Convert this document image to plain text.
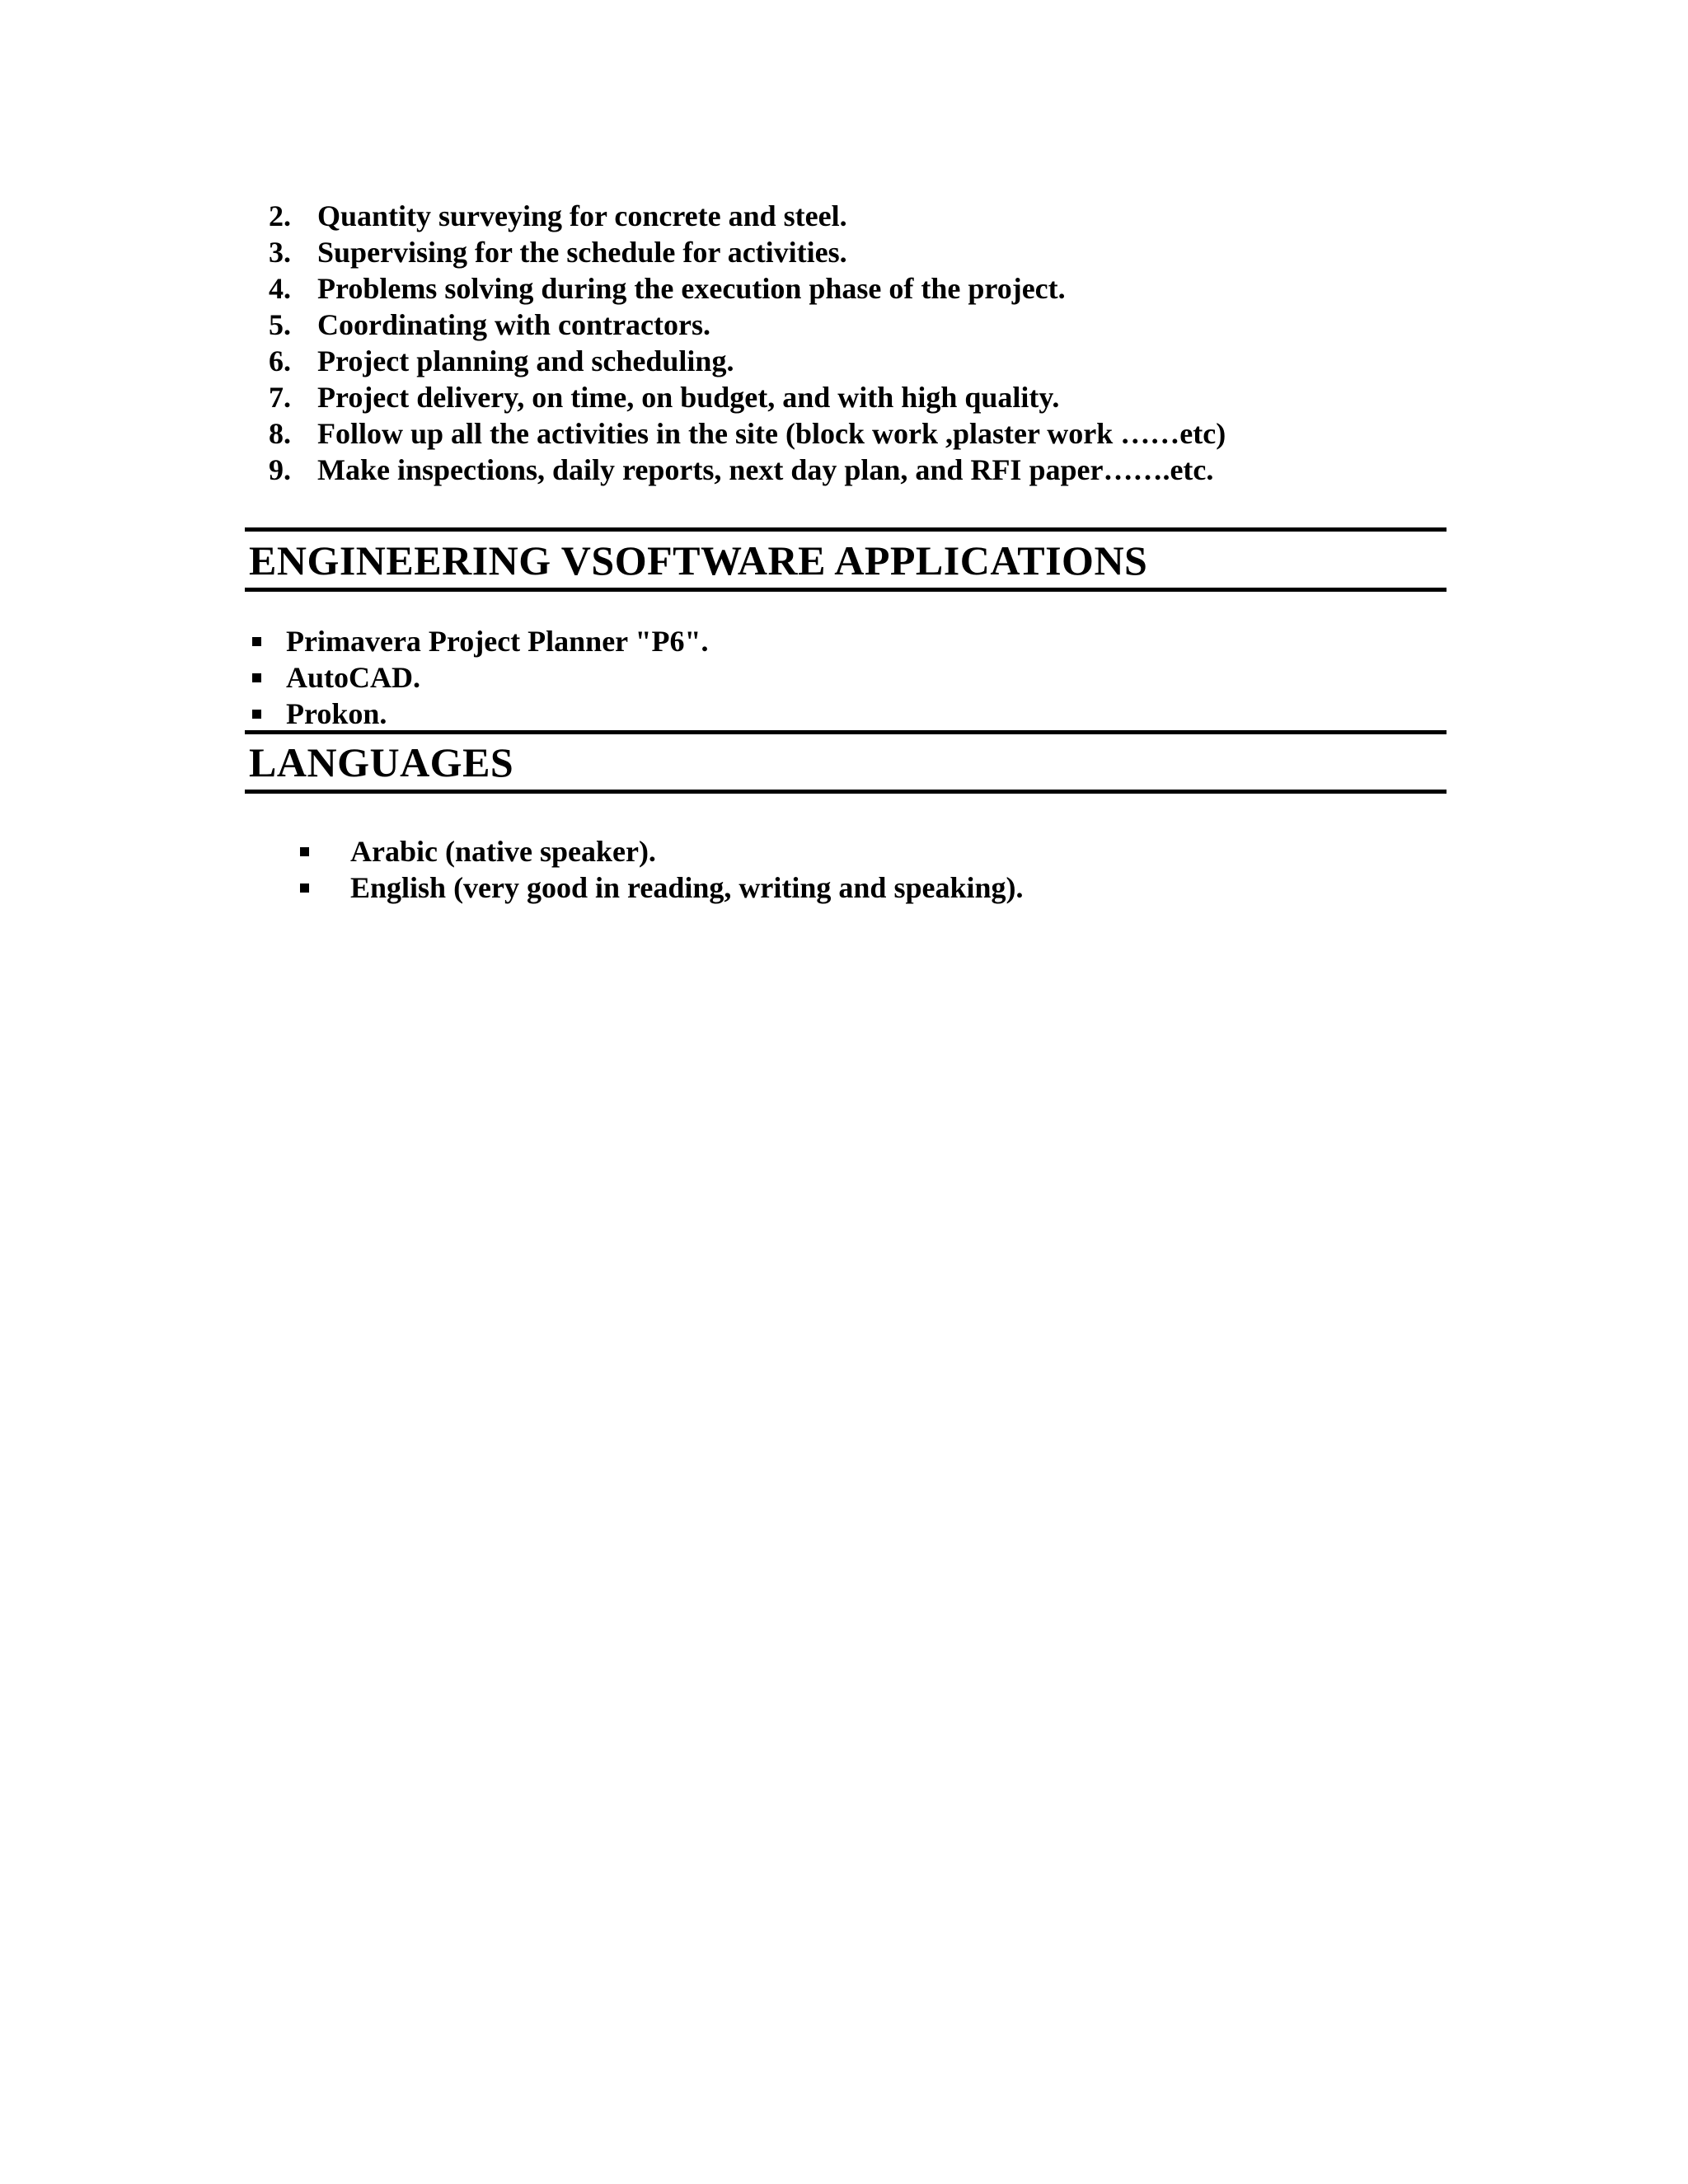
2. Quantity surveying for concrete and steel.
3. Supervising for the schedule for activities.
4. Problems solving during the execution phase of the project.
5. Coordinating with contractors.
6. Project planning and scheduling.
7. Project delivery, on time, on budget, and with high quality.
8. Follow up all the activities in the site (block work ,plaster work ……etc)
9. Make inspections, daily reports, next day plan, and RFI paper…….etc.
ENGINEERING VSOFTWARE APPLICATIONS
Primavera Project Planner "P6".
AutoCAD.
Prokon.
LANGUAGES
Arabic (native speaker).
English (very good in reading, writing and speaking).
